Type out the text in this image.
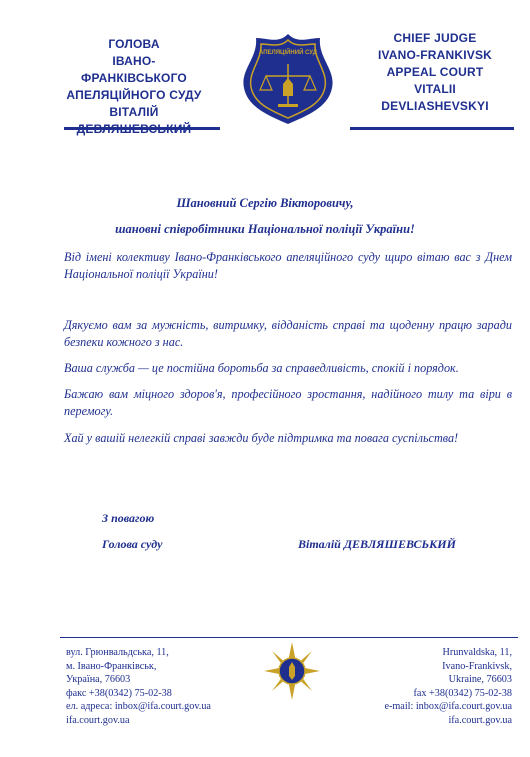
ГОЛОВА
ІВАНО-ФРАНКІВСЬКОГО
АПЕЛЯЦІЙНОГО СУДУ
ВІТАЛІЙ
АПЕЛЯЦІЙНИЙ СУД
CHIEF JUDGE
IVANO-FRANKIVSK
APPEAL COURT
VITALII
DEVLIASHEVSKYI
Шановний Сергію Вікторовичу,
шановні співробітники Національної поліції України!
Від імені колективу Івано-Франківського апеляційного суду щиро вітаю вас з Днем Національної поліції України!
Дякуємо вам за мужність, витримку, відданість справі та щоденну працю заради безпеки кожного з нас.
Ваша служба — це постійна боротьба за справедливість, спокій і порядок.
Бажаю вам міцного здоров'я, професійного зростання, надійного тилу та віри в перемогу.
Хай у вашій нелегкій справі завжди буде підтримка та повага суспільства!
З повагою
Голова суду	Віталій ДЕВЛЯШЕВСЬКИЙ
вул. Грюнвальдська, 11,
м. Івано-Франківськ,
Україна, 76603
факс +38(0342) 75-02-38
ел. адреса: inbox@ifa.court.gov.ua
ifa.court.gov.ua
Hrunvaldska, 11,
Ivano-Frankivsk,
Ukraine, 76603
fax +38(0342) 75-02-38
e-mail: inbox@ifa.court.gov.ua
ifa.court.gov.ua
